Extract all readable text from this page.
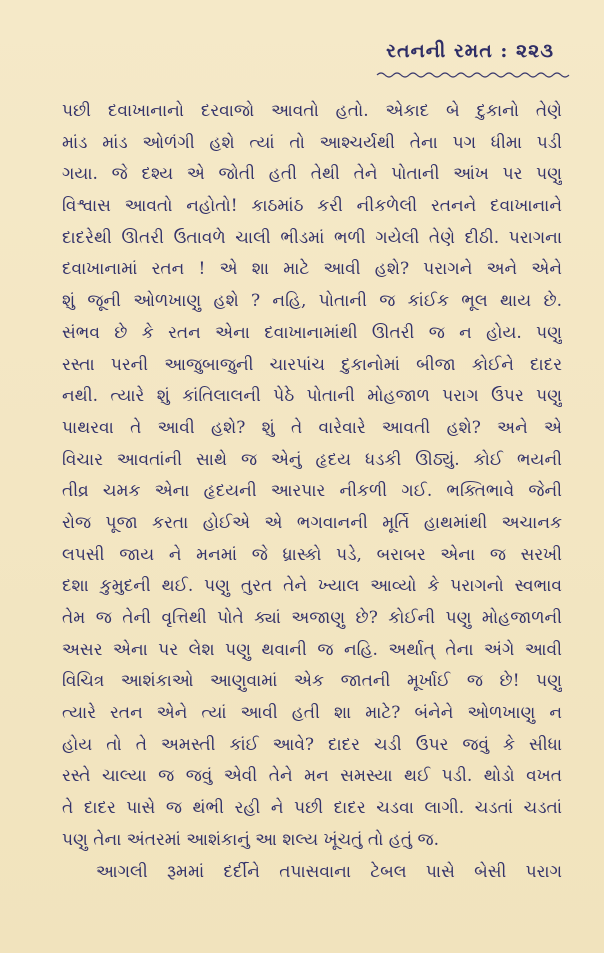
રતનની રમત : ૨૨૩
પછી દવાખાનાનો દરવાજો આવતો હતો. એકાદ બે દુકાનો તેણે
માંડ માંડ ઓળંગી હશે ત્યાં તો આશ્ચર્યથી તેના પગ ધીમા પડી
ગયા. જે દશ્ય એ જોતી હતી તેથી તેને પોતાની આંખ પર પણુ
વિશ્વાસ આવતો નહોતો! કાઠમાંઠ કરી નીકળેલી રતનને દવાખાનાને
દાદરેથી ઊતરી ઉતાવળે ચાલી ભીડમાં ભળી ગયેલી તેણે દીઠી. પરાગના
દવાખાનામાં રતન ! એ શા માટે આવી હશે? પરાગને અને એને
શું જૂની ઓળખાણુ હશે ? નહિ, પોતાની જ કાંઈક ભૂલ થાય છે.
સંભવ છે કે રતન એના દવાખાનામાંથી ઊતરી જ ન હોય. પણુ
રસ્તા પરની આજુબાજુની ચારપાંચ દુકાનોમાં બીજા કોઈને દાદર
નથી. ત્યારે શું કાંતિલાલની પેઠે પોતાની મોહજાળ પરાગ ઉપર પણુ
પાથરવા તે આવી હશે? શું તે વારેવારે આવતી હશે? અને એ
વિચાર આવતાંની સાથે જ એનું હૃદય ધડકી ઊઠ્યું. કોઈ ભયની
તીવ્ર ચમક એના હૃદયની આરપાર નીકળી ગઈ. ભક્તિભાવે જેની
રોજ પૂજા કરતા હોઈએ એ ભગવાનની મૂર્તિ હાથમાંથી અચાનક
લપસી જાય ને મનમાં જે ધ્રાસ્કો પડે, બરાબર એના જ સરખી
દશા કુમુદની થઈ. પણુ તુરત તેને ખ્યાલ આવ્યો કે પરાગનો સ્વભાવ
તેમ જ તેની વૃત્તિથી પોતે ક્યાં અજાણુ છે? કોઈની પણુ મોહજાળની
અસર એના પર લેશ પણુ થવાની જ નહિ. અર્થાત્ તેના અંગે આવી
વિચિત્ર આશંકાઓ આણુવામાં એક જાતની મૂર્ખાઈ જ છે! પણુ
ત્યારે રતન એને ત્યાં આવી હતી શા માટે? બંનેને ઓળખાણુ ન
હોય તો તે અમસ્તી કાંઈ આવે? દાદર ચડી ઉપર જવું કે સીધા
રસ્તે ચાલ્યા જ જવું એવી તેને મન સમસ્યા થઈ પડી. થોડો વખત
તે દાદર પાસે જ થંભી રહી ને પછી દાદર ચડવા લાગી. ચડતાં ચડતાં
પણુ તેના અંતરમાં આશંકાનું આ શલ્ય ખૂંચતું તો હતું જ.
આગલી રૂમમાં દર્દીને તપાસવાના ટેબલ પાસે બેસી પરાગ
